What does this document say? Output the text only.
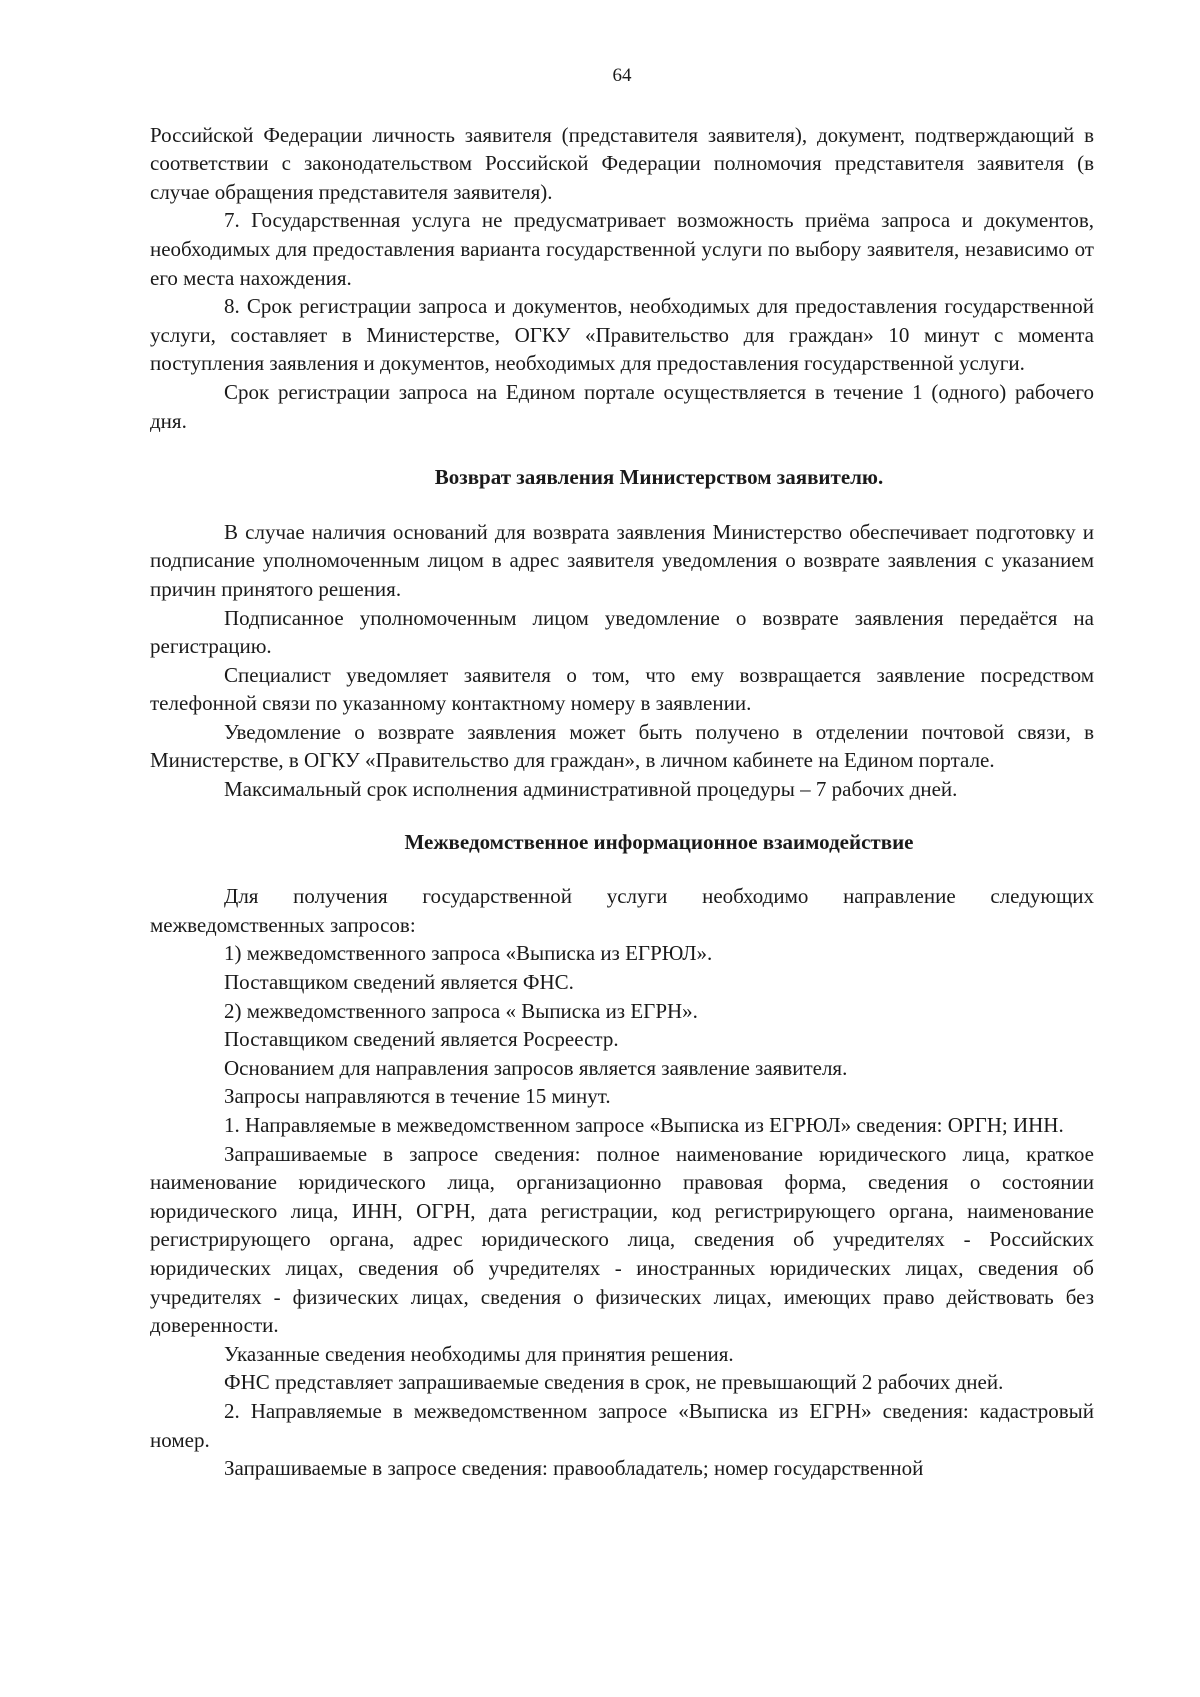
64

Российской Федерации личность заявителя (представителя заявителя), документ, подтверждающий в соответствии с законодательством Российской Федерации полномочия представителя заявителя (в случае обращения представителя заявителя).

7. Государственная услуга не предусматривает возможность приёма запроса и документов, необходимых для предоставления варианта государственной услуги по выбору заявителя, независимо от его места нахождения.

8. Срок регистрации запроса и документов, необходимых для предоставления государственной услуги, составляет в Министерстве, ОГКУ «Правительство для граждан» 10 минут с момента поступления заявления и документов, необходимых для предоставления государственной услуги.

Срок регистрации запроса на Едином портале осуществляется в течение 1 (одного) рабочего дня.

Возврат заявления Министерством заявителю.

В случае наличия оснований для возврата заявления Министерство обеспечивает подготовку и подписание уполномоченным лицом в адрес заявителя уведомления о возврате заявления с указанием причин принятого решения.

Подписанное уполномоченным лицом уведомление о возврате заявления передаётся на регистрацию.

Специалист уведомляет заявителя о том, что ему возвращается заявление посредством телефонной связи по указанному контактному номеру в заявлении.

Уведомление о возврате заявления может быть получено в отделении почтовой связи, в Министерстве, в ОГКУ «Правительство для граждан», в личном кабинете на Едином портале.

Максимальный срок исполнения административной процедуры – 7 рабочих дней.

Межведомственное информационное взаимодействие

Для получения государственной услуги необходимо направление следующих межведомственных запросов:

1) межведомственного запроса «Выписка из ЕГРЮЛ».

Поставщиком сведений является ФНС.

2) межведомственного запроса « Выписка из ЕГРН».

Поставщиком сведений является Росреестр.

Основанием для направления запросов является заявление заявителя.

Запросы направляются в течение 15 минут.

1. Направляемые в межведомственном запросе «Выписка из ЕГРЮЛ» сведения: ОРГН; ИНН.

Запрашиваемые в запросе сведения: полное наименование юридического лица, краткое наименование юридического лица, организационно правовая форма, сведения о состоянии юридического лица, ИНН, ОГРН, дата регистрации, код регистрирующего органа, наименование регистрирующего органа, адрес юридического лица, сведения об учредителях - Российских юридических лицах, сведения об учредителях - иностранных юридических лицах, сведения об учредителях - физических лицах, сведения о физических лицах, имеющих право действовать без доверенности.

Указанные сведения необходимы для принятия решения.

ФНС представляет запрашиваемые сведения в срок, не превышающий 2 рабочих дней.

2. Направляемые в межведомственном запросе «Выписка из ЕГРН» сведения: кадастровый номер.

Запрашиваемые в запросе сведения: правообладатель; номер государственной
